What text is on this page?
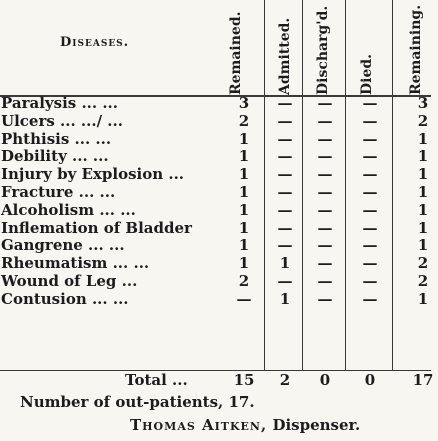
Diseases.	Remained. Admitted. Discharg'd. Died. Remaining.
Paralysis ... ...	3	—	—	—	3
Ulcers ... .../ ...	2	—	—	—	2
Phthisis ... ...	1	—	—	—	1
Debility ... ...	1	—	—	—	1
Injury by Explosion ...	1	—	—	—	1
Fracture ... ...	1	—	—	—	1
Alcoholism ... ...	1	—	—	—	1
Inflemation of Bladder	1	—	—	—	1
Gangrene ... ...	1	—	—	—	1
Rheumatism ... ...	1	1	—	—	2
Wound of Leg ...	2	—	—	—	2
Contusion ... ...	—	1	—	—	1
Total ...	15	2	0	0	17
Number of out-patients, 17.
Thomas Aitken, Dispenser.
